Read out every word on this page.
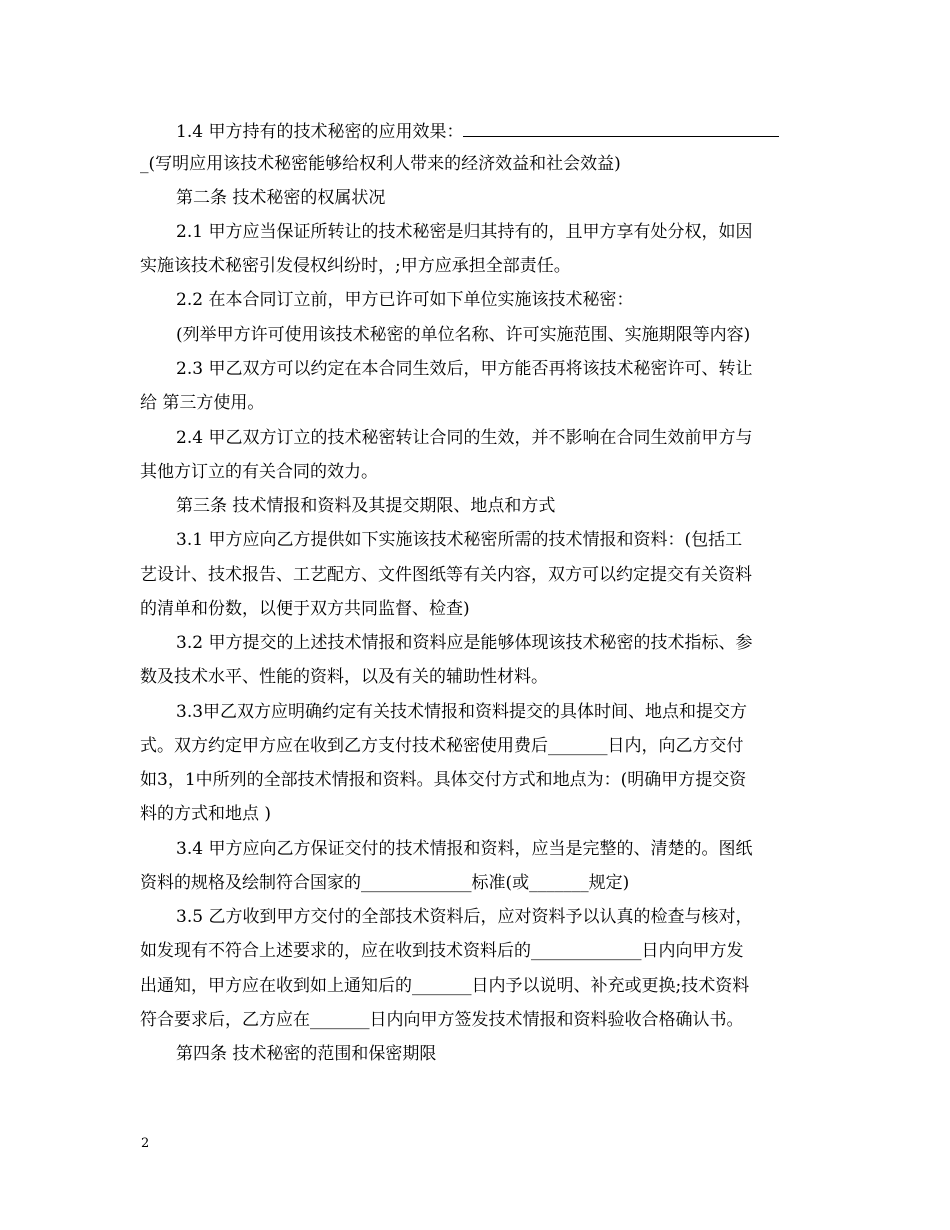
1.4 甲方持有的技术秘密的应用效果：
_(写明应用该技术秘密能够给权利人带来的经济效益和社会效益)
第二条 技术秘密的权属状况
2.1 甲方应当保证所转让的技术秘密是归其持有的，且甲方享有处分权，如因
实施该技术秘密引发侵权纠纷时，;甲方应承担全部责任。
2.2 在本合同订立前，甲方已许可如下单位实施该技术秘密：
(列举甲方许可使用该技术秘密的单位名称、许可实施范围、实施期限等内容)
2.3 甲乙双方可以约定在本合同生效后，甲方能否再将该技术秘密许可、转让
给 第三方使用。
2.4 甲乙双方订立的技术秘密转让合同的生效，并不影响在合同生效前甲方与
其他方订立的有关合同的效力。
第三条 技术情报和资料及其提交期限、地点和方式
3.1 甲方应向乙方提供如下实施该技术秘密所需的技术情报和资料：(包括工
艺设计、技术报告、工艺配方、文件图纸等有关内容，双方可以约定提交有关资料
的清单和份数，以便于双方共同监督、检查)
3.2 甲方提交的上述技术情报和资料应是能够体现该技术秘密的技术指标、参
数及技术水平、性能的资料，以及有关的辅助性材料。
3.3甲乙双方应明确约定有关技术情报和资料提交的具体时间、地点和提交方
式。双方约定甲方应在收到乙方支付技术秘密使用费后_______日内，向乙方交付
如3，1中所列的全部技术情报和资料。具体交付方式和地点为：(明确甲方提交资
料的方式和地点 )
3.4 甲方应向乙方保证交付的技术情报和资料，应当是完整的、清楚的。图纸
资料的规格及绘制符合国家的_____________标准(或_______规定)
3.5 乙方收到甲方交付的全部技术资料后，应对资料予以认真的检查与核对，
如发现有不符合上述要求的，应在收到技术资料后的_____________日内向甲方发
出通知，甲方应在收到如上通知后的_______日内予以说明、补充或更换;技术资料
符合要求后，乙方应在_______日内向甲方签发技术情报和资料验收合格确认书。
第四条 技术秘密的范围和保密期限
2
